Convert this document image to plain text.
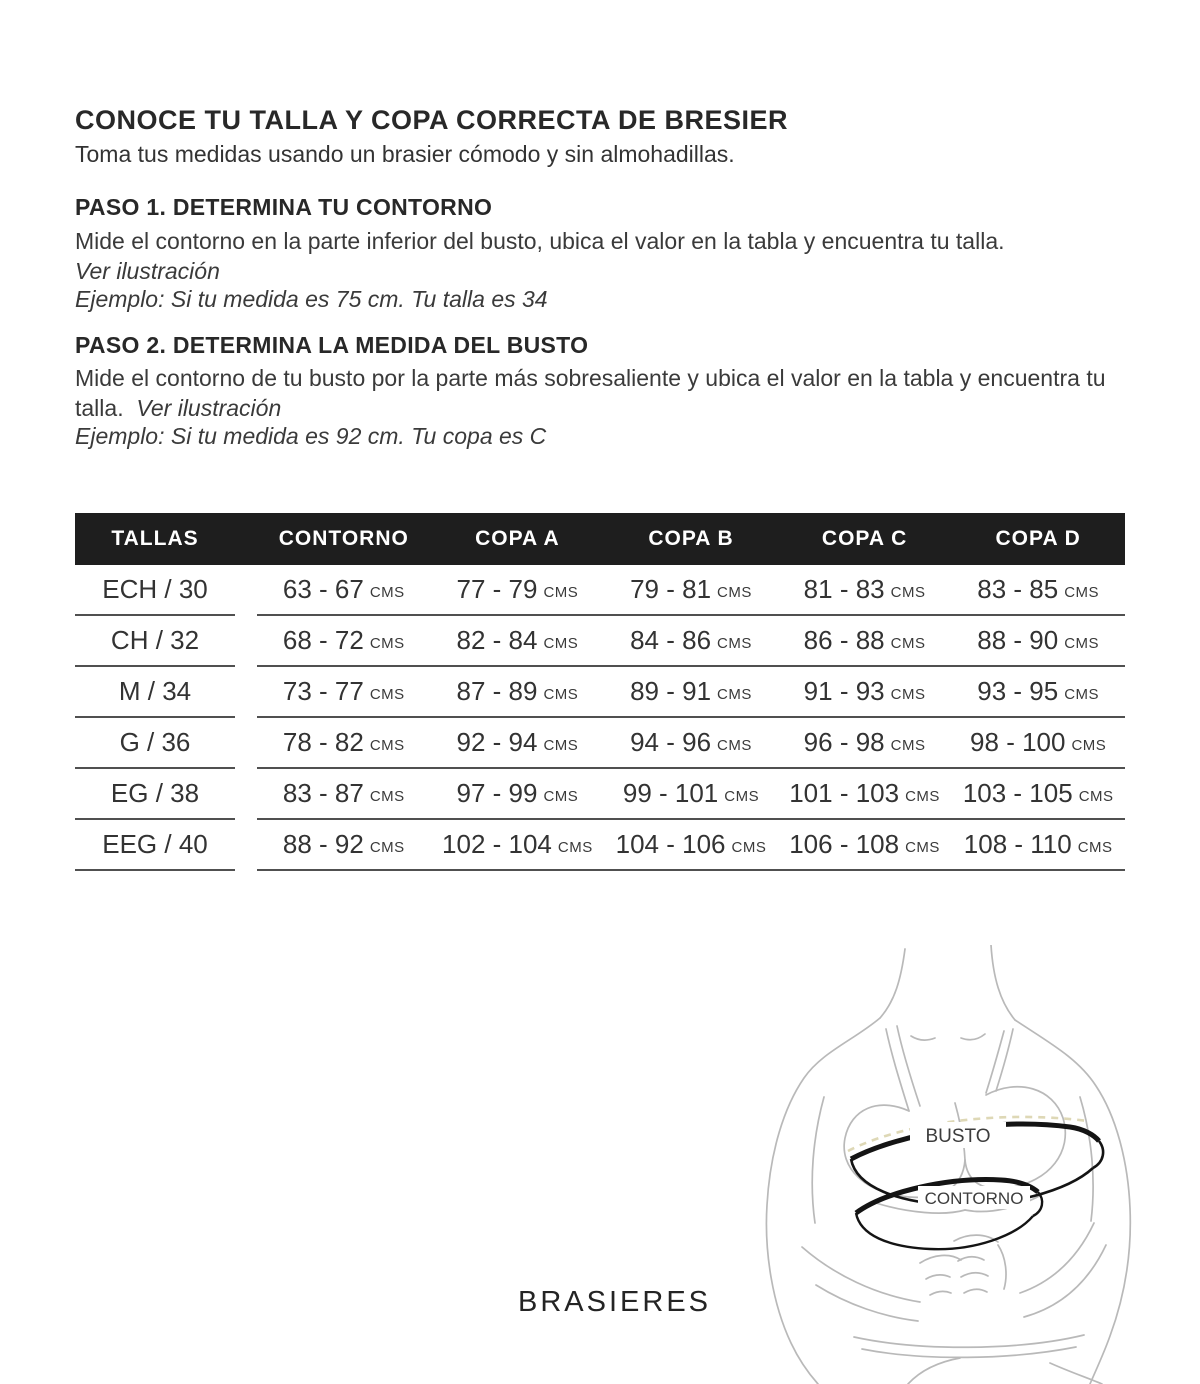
CONOCE TU TALLA Y COPA CORRECTA DE BRESIER

Toma tus medidas usando un brasier cómodo y sin almohadillas.

PASO 1. DETERMINA TU CONTORNO

Mide el contorno en la parte inferior del busto, ubica el valor en la tabla y encuentra tu talla.

Ver ilustración

Ejemplo: Si tu medida es 75 cm. Tu talla es 34

PASO 2. DETERMINA LA MEDIDA DEL BUSTO

Mide el contorno de tu busto por la parte más sobresaliente y ubica el valor en la tabla y encuentra tu talla.  Ver ilustración

Ejemplo: Si tu medida es 92 cm. Tu copa es C

TALLAS	CONTORNO	COPA A	COPA B	COPA C	COPA D
ECH / 30	63 - 67 CMS 77 - 79 CMS 79 - 81 CMS 81 - 83 CMS 83 - 85 CMS
CH / 32	68 - 72 CMS 82 - 84 CMS 84 - 86 CMS 86 - 88 CMS 88 - 90 CMS
M / 34	73 - 77 CMS 87 - 89 CMS 89 - 91 CMS 91 - 93 CMS 93 - 95 CMS
G / 36	78 - 82 CMS 92 - 94 CMS 94 - 96 CMS 96 - 98 CMS 98 - 100 CMS
EG / 38	83 - 87 CMS 97 - 99 CMS 99 - 101 CMS 101 - 103 CMS 103 - 105 CMS
EEG / 40	88 - 92 CMS 102 - 104 CMS 104 - 106 CMS 106 - 108 CMS 108 - 110 CMS
BUSTO
CONTORNO
BRASIERES
